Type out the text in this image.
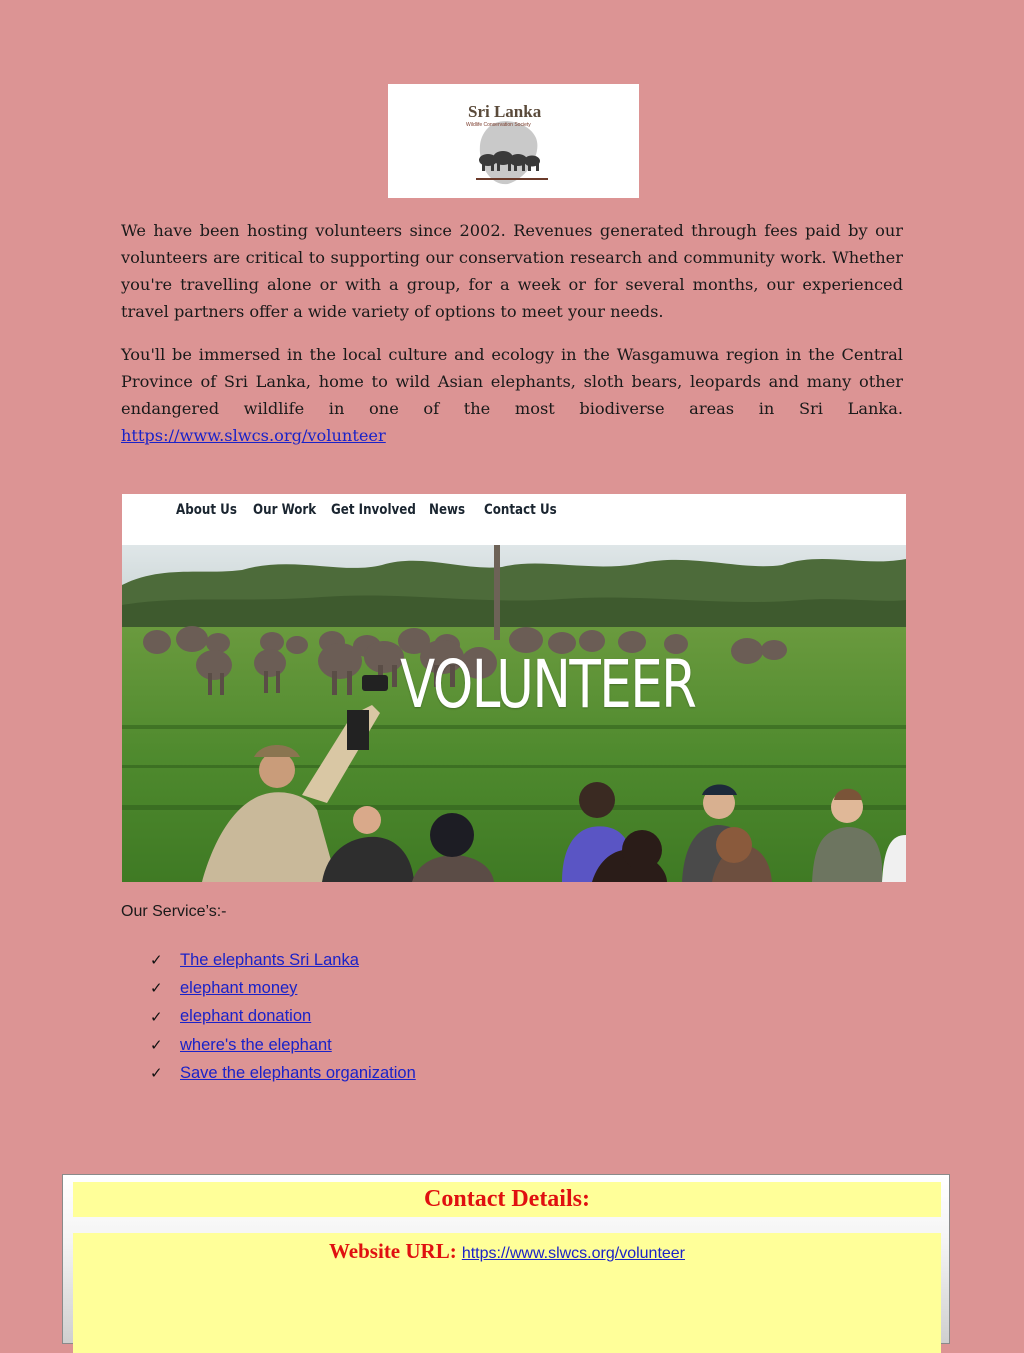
Sri Lanka
Wildlife Conservation Society

We have been hosting volunteers since 2002. Revenues generated through fees paid by our volunteers are critical to supporting our conservation research and community work. Whether you're travelling alone or with a group, for a week or for several months, our experienced travel partners offer a wide variety of options to meet your needs.

You'll be immersed in the local culture and ecology in the Wasgamuwa region in the Central Province of Sri Lanka, home to wild Asian elephants, sloth bears, leopards and many other endangered wildlife in one of the most biodiverse areas in Sri Lanka. https://www.slwcs.org/volunteer

About Us Our Work Get Involved News Contact Us
VOLUNTEER
Our Service’s:-
✓	The elephants Sri Lanka
✓	elephant money
✓	elephant donation
✓	where's the elephant
✓	Save the elephants organization
Contact Details:
Website URL: https://www.slwcs.org/volunteer
